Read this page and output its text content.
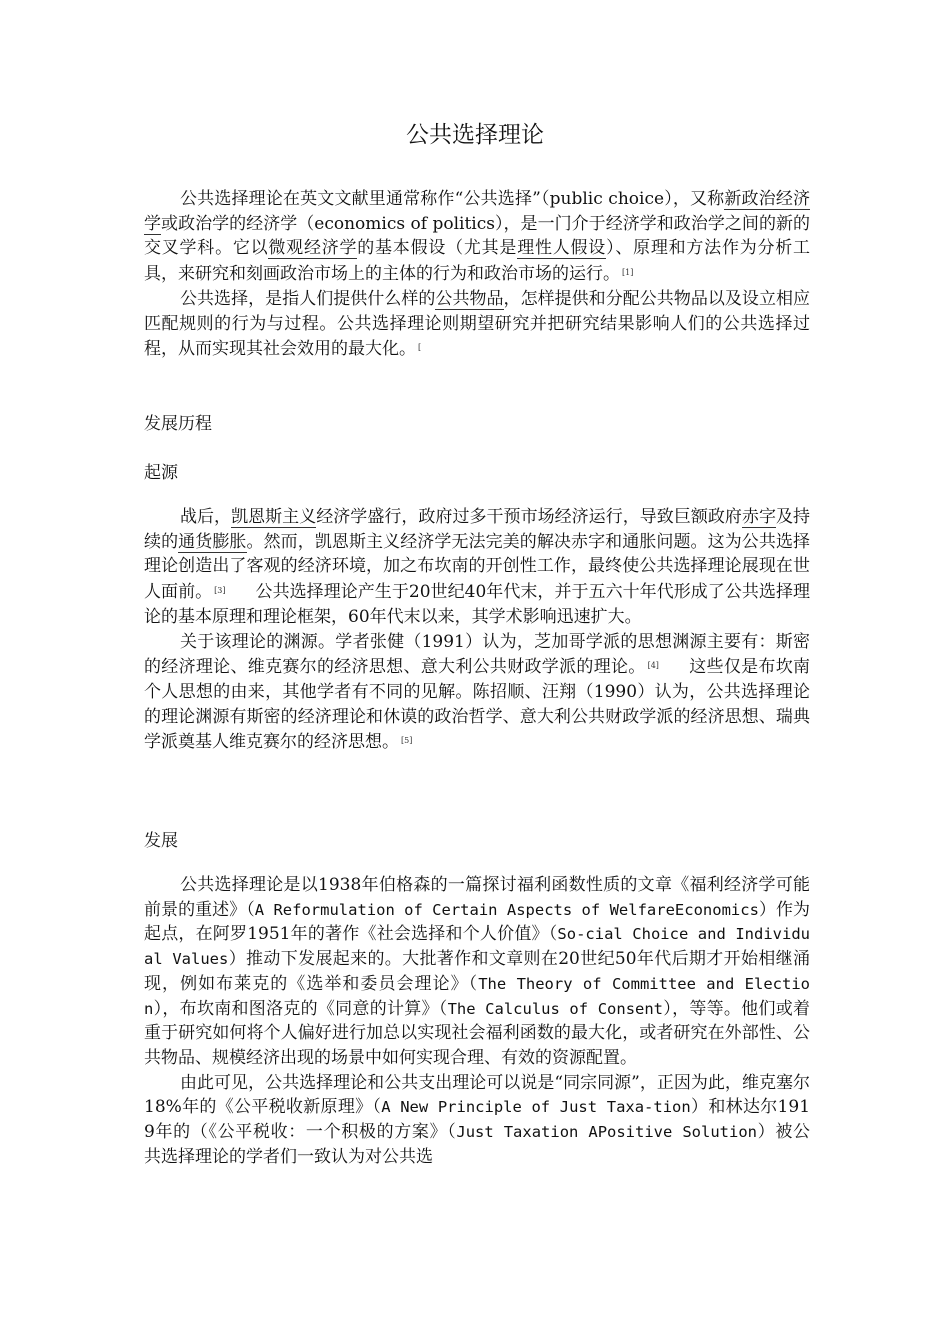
公共选择理论

公共选择理论在英文文献里通常称作“公共选择”（public choice），又称新政治经济学或政治学的经济学（economics of politics），是一门介于经济学和政治学之间的新的交叉学科。它以微观经济学的基本假设（尤其是理性人假设）、原理和方法作为分析工具，来研究和刻画政治市场上的主体的行为和政治市场的运行。 [1]

公共选择，是指人们提供什么样的公共物品，怎样提供和分配公共物品以及设立相应匹配规则的行为与过程。公共选择理论则期望研究并把研究结果影响人们的公共选择过程，从而实现其社会效用的最大化。 [

发展历程
起源

战后，凯恩斯主义经济学盛行，政府过多干预市场经济运行，导致巨额政府赤字及持续的通货膨胀。然而，凯恩斯主义经济学无法完美的解决赤字和通胀问题。这为公共选择理论创造出了客观的经济环境，加之布坎南的开创性工作，最终使公共选择理论展现在世人面前。 [3] 公共选择理论产生于20世纪40年代末，并于五六十年代形成了公共选择理论的基本原理和理论框架，60年代末以来，其学术影响迅速扩大。

关于该理论的渊源。学者张健（1991）认为，芝加哥学派的思想渊源主要有：斯密的经济理论、维克赛尔的经济思想、意大利公共财政学派的理论。 [4] 这些仅是布坎南个人思想的由来，其他学者有不同的见解。陈招顺、汪翔（1990）认为，公共选择理论的理论渊源有斯密的经济理论和休谟的政治哲学、意大利公共财政学派的经济思想、瑞典学派奠基人维克赛尔的经济思想。 [5]

发展

公共选择理论是以1938年伯格森的一篇探讨福利函数性质的文章《福利经济学可能前景的重述》（A Reformulation of Certain Aspects of WelfareEconomics）作为起点，在阿罗1951年的著作《社会选择和个人价值》（So-cial Choice and Individual Values）推动下发展起来的。大批著作和文章则在20世纪50年代后期才开始相继涌现，例如布莱克的《选举和委员会理论》（The Theory of Committee and Election），布坎南和图洛克的《同意的计算》（The Calculus of Consent），等等。他们或着重于研究如何将个人偏好进行加总以实现社会福利函数的最大化，或者研究在外部性、公共物品、规模经济出现的场景中如何实现合理、有效的资源配置。

由此可见，公共选择理论和公共支出理论可以说是“同宗同源”，正因为此，维克塞尔18%年的《公平税收新原理》（A New Principle of Just Taxa-tion）和林达尔1919年的（《公平税收：一个积极的方案》（Just Taxation APositive Solution）被公共选择理论的学者们一致认为对公共选
